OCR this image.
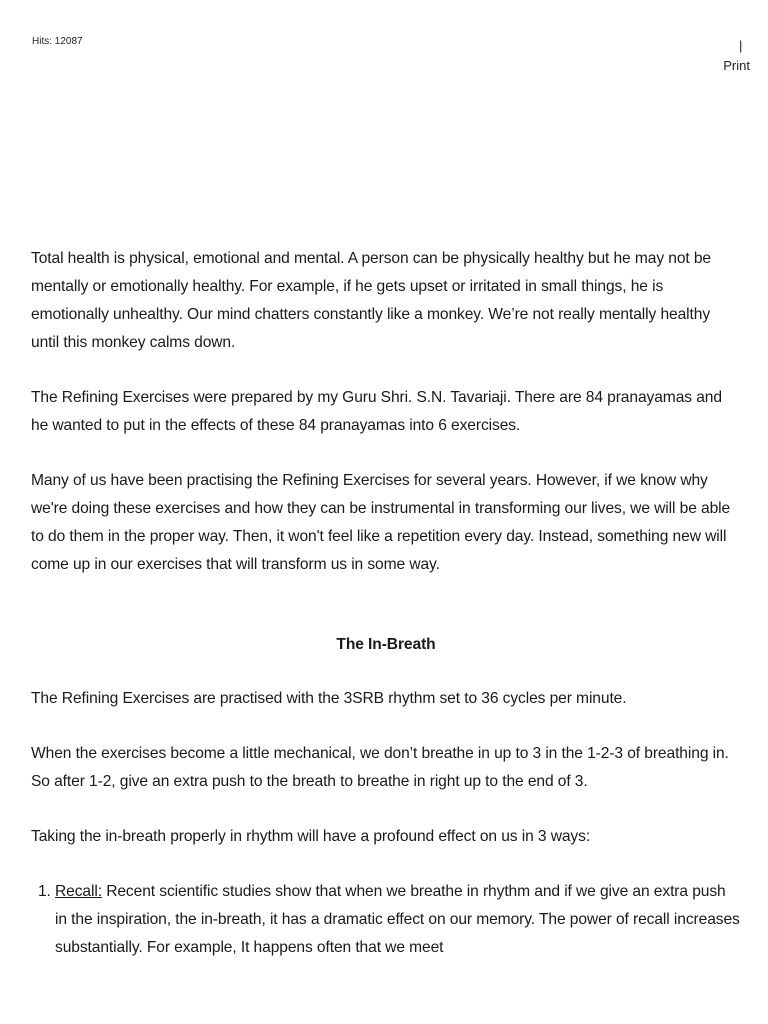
Hits: 12087	|
Print

Total health is physical, emotional and mental. A person can be physically healthy but he may not be mentally or emotionally healthy. For example, if he gets upset or irritated in small things, he is emotionally unhealthy. Our mind chatters constantly like a monkey. We’re not really mentally healthy until this monkey calms down.

The Refining Exercises were prepared by my Guru Shri. S.N. Tavariaji. There are 84 pranayamas and he wanted to put in the effects of these 84 pranayamas into 6 exercises.

Many of us have been practising the Refining Exercises for several years. However, if we know why we're doing these exercises and how they can be instrumental in transforming our lives, we will be able to do them in the proper way. Then, it won't feel like a repetition every day. Instead, something new will come up in our exercises that will transform us in some way.

The In-Breath

The Refining Exercises are practised with the 3SRB rhythm set to 36 cycles per minute.

When the exercises become a little mechanical, we don’t breathe in up to 3 in the 1-2-3 of breathing in. So after 1-2, give an extra push to the breath to breathe in right up to the end of 3.

Taking the in-breath properly in rhythm will have a profound effect on us in 3 ways:

1. Recall: Recent scientific studies show that when we breathe in rhythm and if we give an extra push in the inspiration, the in-breath, it has a dramatic effect on our memory. The power of recall increases substantially. For example, It happens often that we meet
